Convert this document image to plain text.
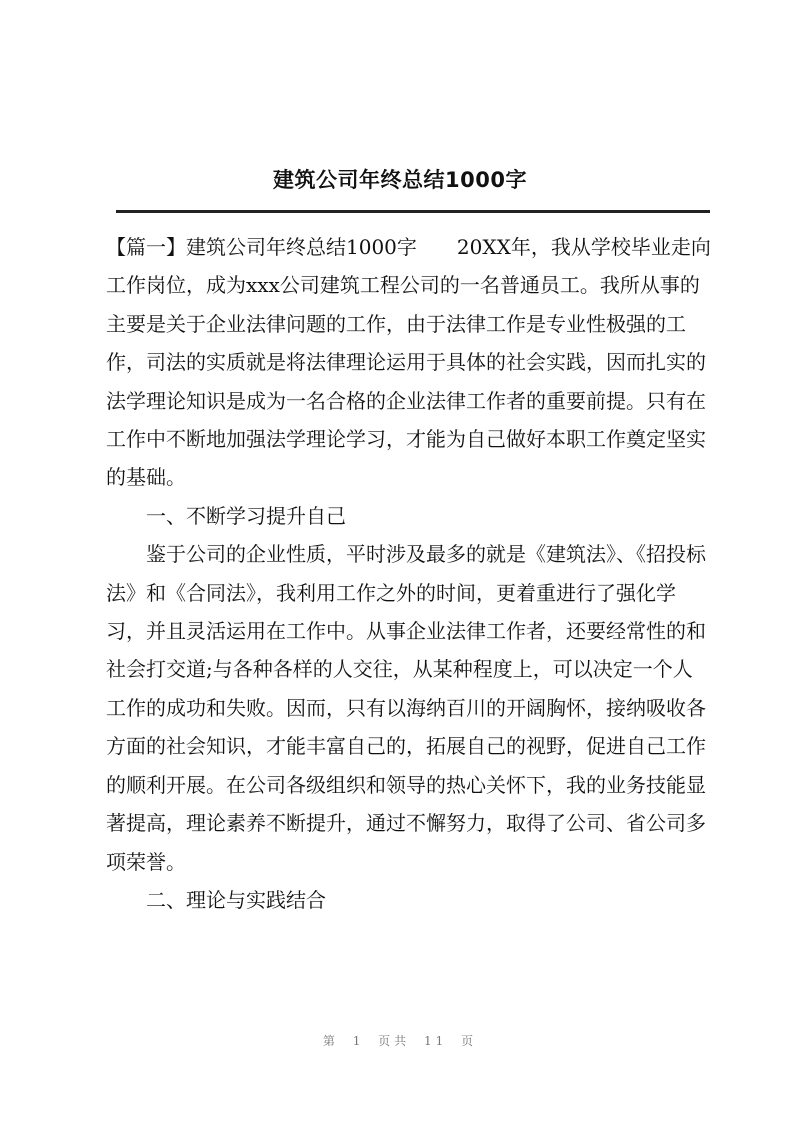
建筑公司年终总结1000字

【篇一】建筑公司年终总结1000字　　20XX年，我从学校毕业走向工作岗位，成为xxx公司建筑工程公司的一名普通员工。我所从事的主要是关于企业法律问题的工作，由于法律工作是专业性极强的工作，司法的实质就是将法律理论运用于具体的社会实践，因而扎实的法学理论知识是成为一名合格的企业法律工作者的重要前提。只有在工作中不断地加强法学理论学习，才能为自己做好本职工作奠定坚实的基础。

一、不断学习提升自己

鉴于公司的企业性质，平时涉及最多的就是《建筑法》、《招投标法》和《合同法》，我利用工作之外的时间，更着重进行了强化学习，并且灵活运用在工作中。从事企业法律工作者，还要经常性的和社会打交道;与各种各样的人交往，从某种程度上，可以决定一个人工作的成功和失败。因而，只有以海纳百川的开阔胸怀，接纳吸收各方面的社会知识，才能丰富自己的，拓展自己的视野，促进自己工作的顺利开展。在公司各级组织和领导的热心关怀下，我的业务技能显著提高，理论素养不断提升，通过不懈努力，取得了公司、省公司多项荣誉。

二、理论与实践结合

第 1 页共 11 页
